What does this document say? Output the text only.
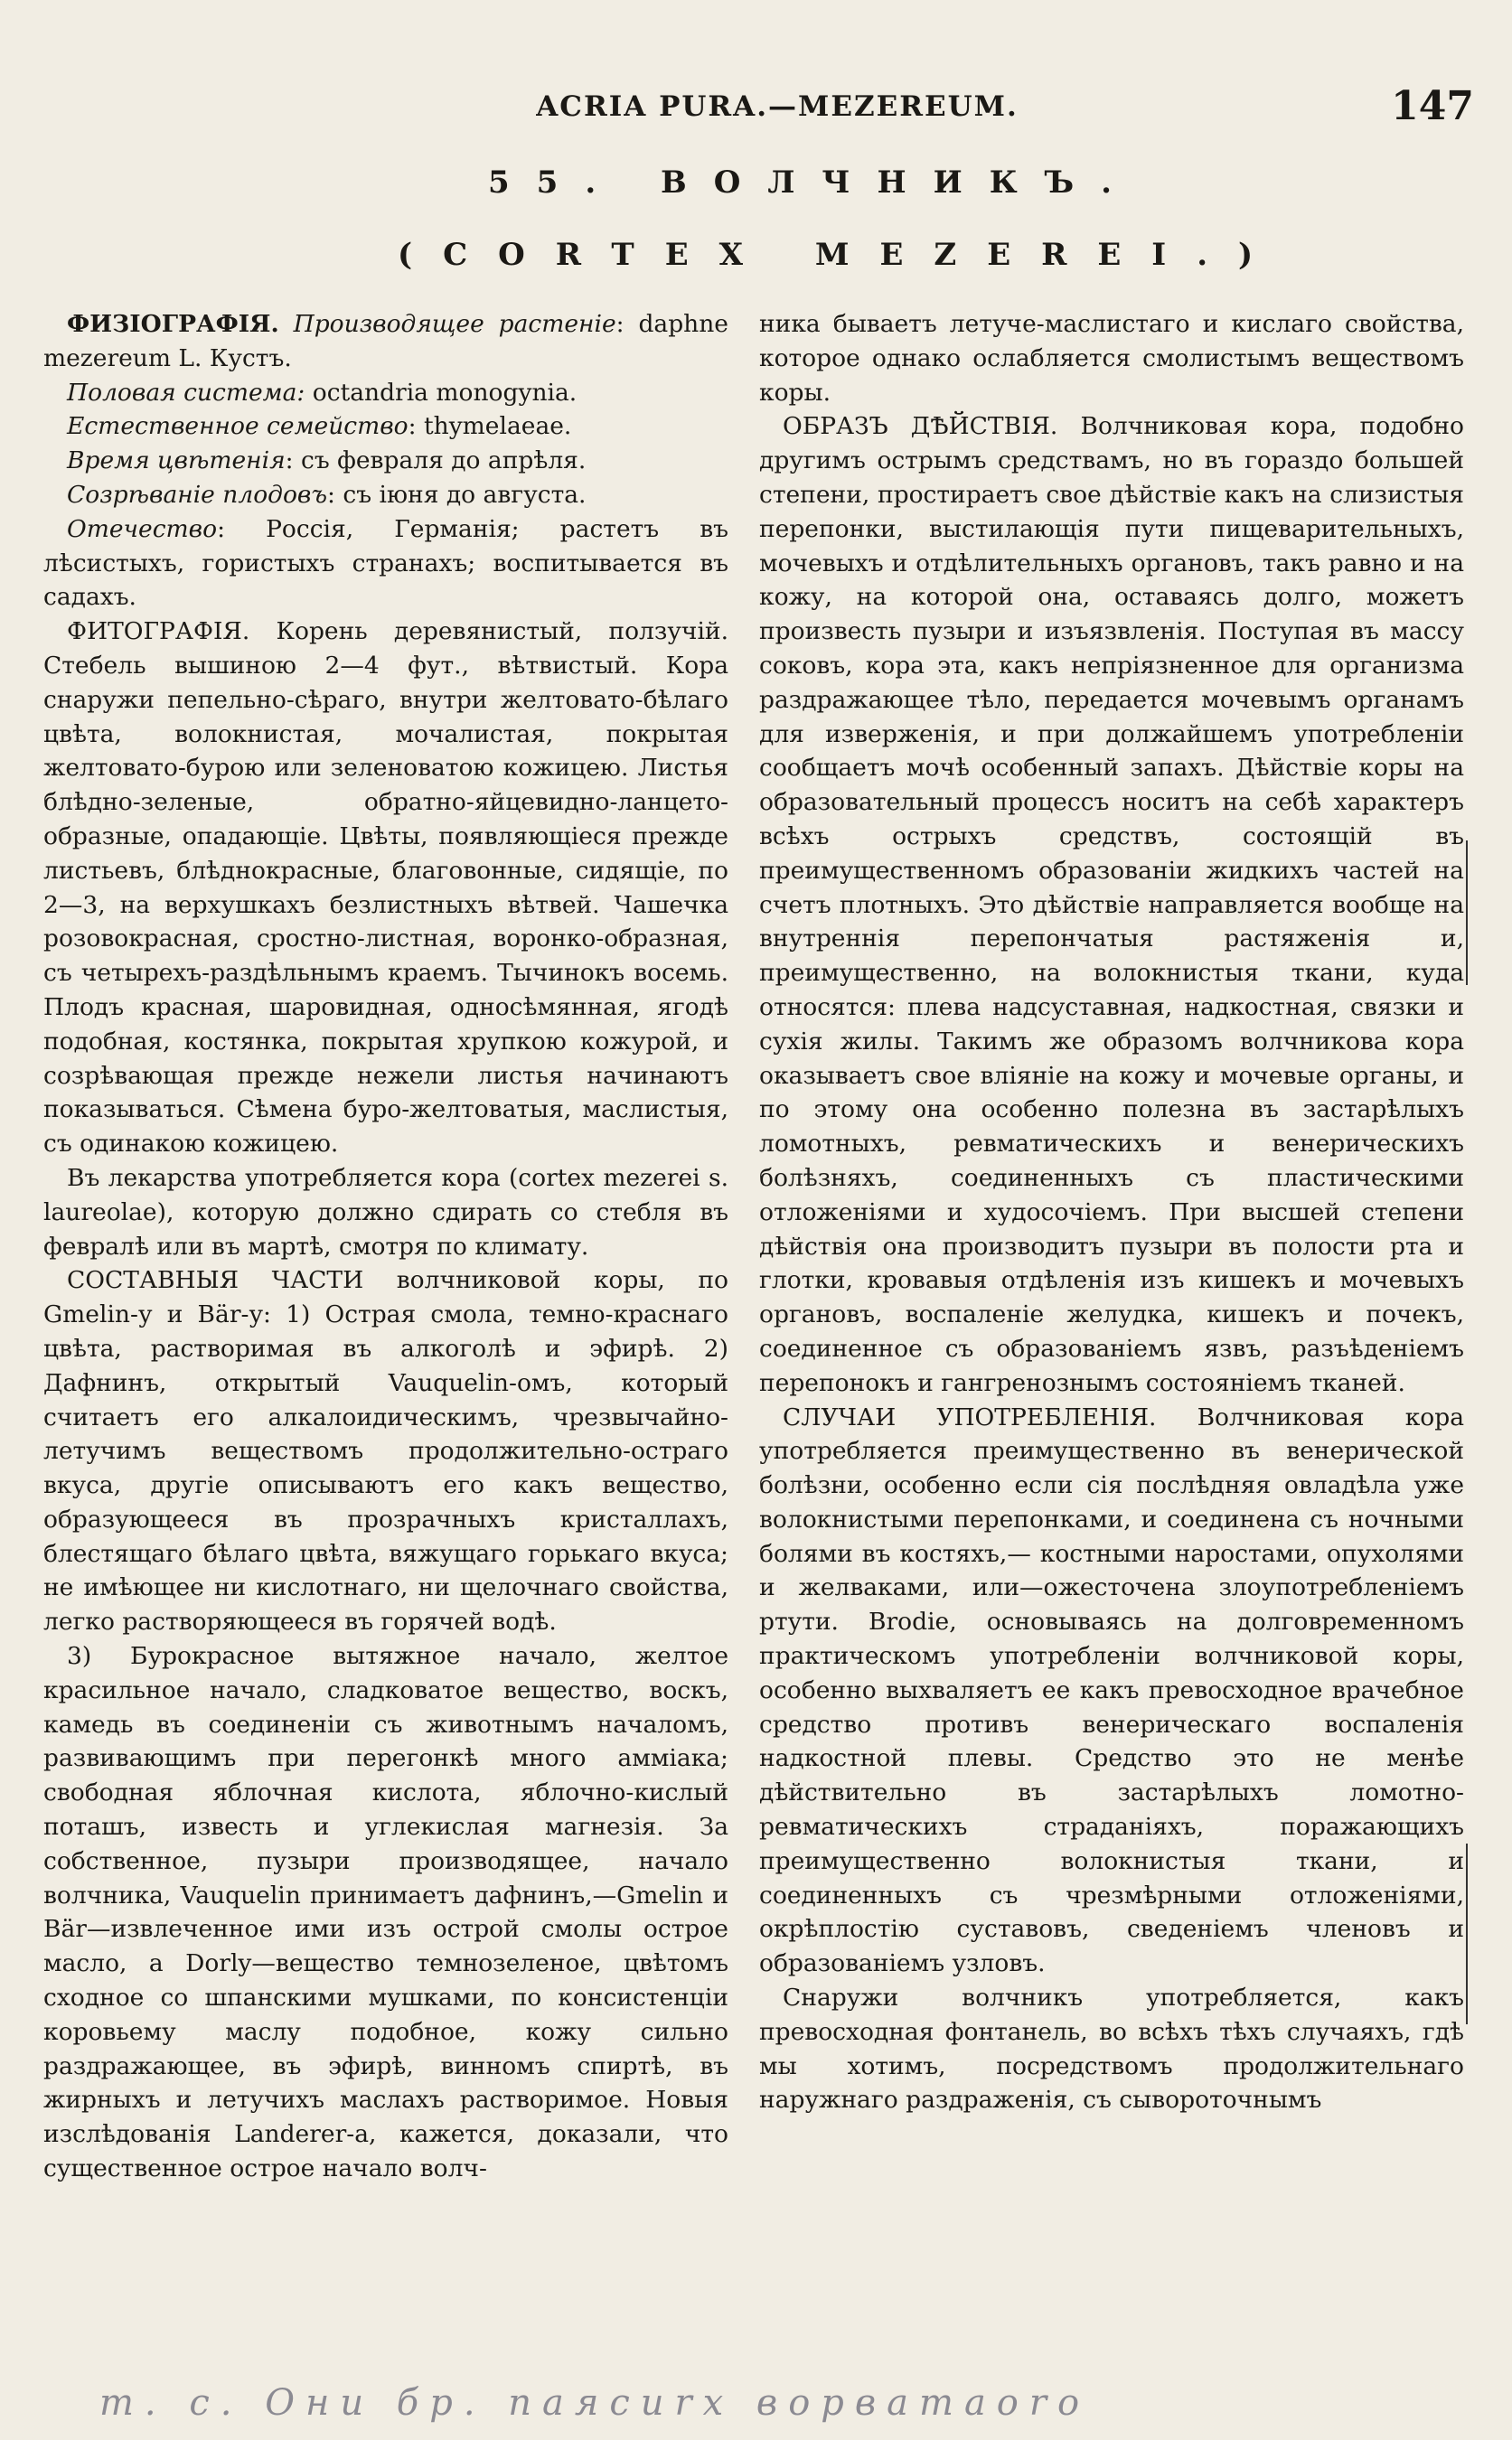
ACRIA PURA.—MEZEREUM.	147
55. ВОЛЧНИКЪ.
(CORTEX MEZEREI.)

ФИЗІОГРАФІЯ. Производящее растеніе: daphne mezereum L. Кустъ.

Половая система: octandria monogynia.

Естественное семейство: thymelaeae.

Время цвѣтенія: съ февраля до апрѣля.

Созрѣваніе плодовъ: съ іюня до августа.

Отечество: Россія, Германія; растетъ въ лѣсистыхъ, гористыхъ странахъ; воспитывается въ садахъ.

ФИТОГРАФІЯ. Корень деревянистый, ползучій. Стебель вышиною 2—4 фут., вѣтвистый. Кора снаружи пепельно-сѣраго, внутри желтовато-бѣлаго цвѣта, волокнистая, мочалистая, покрытая желтовато-бурою или зеленоватою кожицею. Листья блѣдно-зеленые, обратно-яйцевидно-ланцето-образные, опадающіе. Цвѣты, появляющіеся прежде листьевъ, блѣднокрасные, благовонные, сидящіе, по 2—3, на верхушкахъ безлистныхъ вѣтвей. Чашечка розовокрасная, сростно-листная, воронко-образная, съ четырехъ-раздѣльнымъ краемъ. Тычинокъ восемь. Плодъ красная, шаровидная, односѣмянная, ягодѣ подобная, костянка, покрытая хрупкою кожурой, и созрѣвающая прежде нежели листья начинаютъ показываться. Сѣмена буро-желтоватыя, маслистыя, съ одинакою кожицею.

Въ лекарства употребляется кора (cortex mezerei s. laureolae), которую должно сдирать со стебля въ февралѣ или въ мартѣ, смотря по климату.

СОСТАВНЫЯ ЧАСТИ волчниковой коры, по Gmelin-у и Bär-у: 1) Острая смола, темно-краснаго цвѣта, растворимая въ алкоголѣ и эфирѣ. 2) Дафнинъ, открытый Vauquelin-омъ, который считаетъ его алкалоидическимъ, чрезвычайно-летучимъ веществомъ продолжительно-остраго вкуса, другіе описываютъ его какъ вещество, образующееся въ прозрачныхъ кристаллахъ, блестящаго бѣлаго цвѣта, вяжущаго горькаго вкуса; не имѣющее ни кислотнаго, ни щелочнаго свойства, легко растворяющееся въ горячей водѣ.

3) Бурокрасное вытяжное начало, желтое красильное начало, сладковатое вещество, воскъ, камедь въ соединеніи съ животнымъ началомъ, развивающимъ при перегонкѣ много аммiака; свободная яблочная кислота, яблочно-кислый поташъ, известь и углекислая магнезія. За собственное, пузыри производящее, начало волчника, Vauquelin принимаетъ дафнинъ,—Gmelin и Bär—извлеченное ими изъ острой смолы острое масло, а Dorly—вещество темнозеленое, цвѣтомъ сходное со шпанскими мушками, по консистенціи коровьему маслу подобное, кожу сильно раздражающее, въ эфирѣ, винномъ спиртѣ, въ жирныхъ и летучихъ маслахъ растворимое. Новыя изслѣдованія Landerer-а, кажется, доказали, что существенное острое начало волч-

ника бываетъ летуче-маслистаго и кислаго свойства, которое однако ослабляется смолистымъ веществомъ коры.

ОБРАЗЪ ДѢЙСТВІЯ. Волчниковая кора, подобно другимъ острымъ средствамъ, но въ гораздо большей степени, простираетъ свое дѣйствіе какъ на слизистыя перепонки, выстилающія пути пищеварительныхъ, мочевыхъ и отдѣлительныхъ органовъ, такъ равно и на кожу, на которой она, оставаясь долго, можетъ произвесть пузыри и изъязвленія. Поступая въ массу соковъ, кора эта, какъ непріязненное для организма раздражающее тѣло, передается мочевымъ органамъ для изверженія, и при должайшемъ употребленіи сообщаетъ мочѣ особенный запахъ. Дѣйствіе коры на образовательный процессъ носитъ на себѣ характеръ всѣхъ острыхъ средствъ, состоящій въ преимущественномъ образованіи жидкихъ частей на счетъ плотныхъ. Это дѣйствіе направляется вообще на внутреннія перепончатыя растяженія и, преимущественно, на волокнистыя ткани, куда относятся: плева надсуставная, надкостная, связки и сухія жилы. Такимъ же образомъ волчникова кора оказываетъ свое вліяніе на кожу и мочевые органы, и по этому она особенно полезна въ застарѣлыхъ ломотныхъ, ревматическихъ и венерическихъ болѣзняхъ, соединенныхъ съ пластическими отложеніями и худосочіемъ. При высшей степени дѣйствія она производитъ пузыри въ полости рта и глотки, кровавыя отдѣленія изъ кишекъ и мочевыхъ органовъ, воспаленіе желудка, кишекъ и почекъ, соединенное съ образованіемъ язвъ, разъѣденіемъ перепонокъ и гангренознымъ состояніемъ тканей.

СЛУЧАИ УПОТРЕБЛЕНІЯ. Волчниковая кора употребляется преимущественно въ венерической болѣзни, особенно если сія послѣдняя овладѣла уже волокнистыми перепонками, и соединена съ ночными болями въ костяхъ,— костными наростами, опухолями и желваками, или—ожесточена злоупотребленіемъ ртути. Brodie, основываясь на долговременномъ практическомъ употребленіи волчниковой коры, особенно выхваляетъ ее какъ превосходное врачебное средство противъ венерическаго воспаленія надкостной плевы. Средство это не менѣе дѣйствительно въ застарѣлыхъ ломотно-ревматическихъ страданіяхъ, поражающихъ преимущественно волокнистыя ткани, и соединенныхъ съ чрезмѣрными отложеніями, окрѣплостію суставовъ, сведеніемъ членовъ и образованіемъ узловъ.

Снаружи волчникъ употребляется, какъ превосходная фонтанель, во всѣхъ тѣхъ случаяхъ, гдѣ мы хотимъ, посредствомъ продолжительнаго наружнаго раздраженія, съ сывороточнымъ

т. с. Они бр. паясиrx ворвaтaoro
